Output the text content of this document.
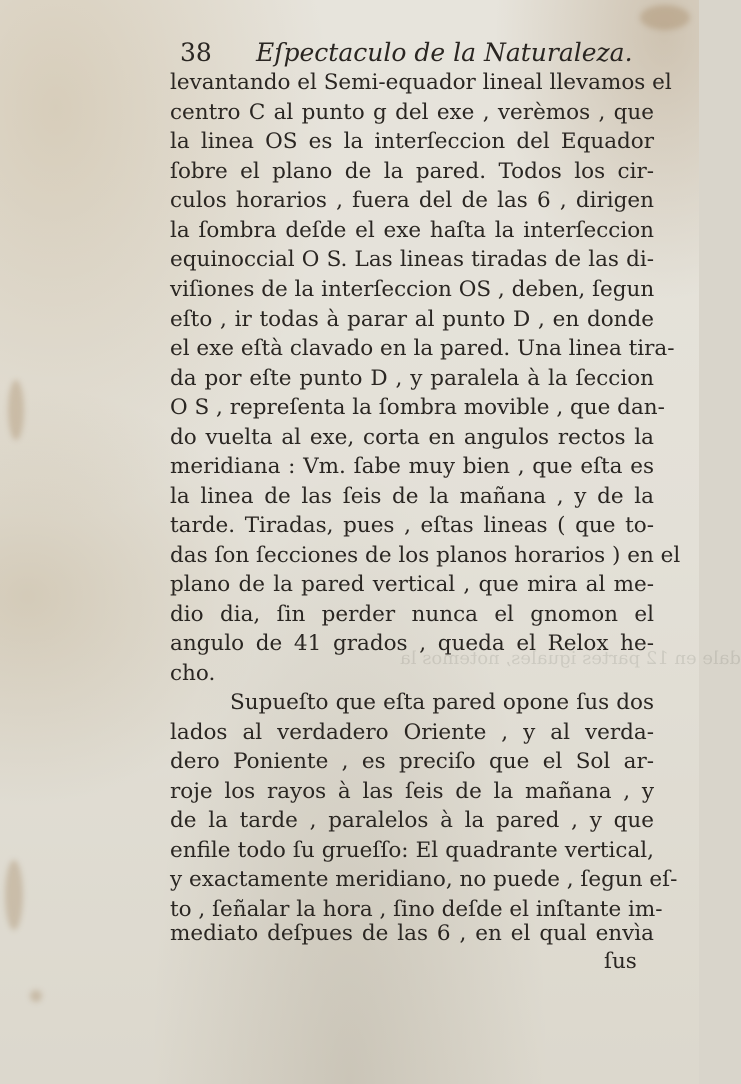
dale en 12 partes iguales, notemos la
38 Eſpectaculo de la Naturaleza.
levantando el Semi-equador lineal llevamos el
centro C al punto g del exe , verèmos , que
la linea OS es la interſeccion del Equador
ſobre el plano de la pared. Todos los cir-
culos horarios , fuera del de las 6 , dirigen
la ſombra deſde el exe haſta la interſeccion
equinoccial O S. Las lineas tiradas de las di-
viſiones de la interſeccion OS , deben, ſegun
eſto , ir todas à parar al punto D , en donde
el exe eſtà clavado en la pared. Una linea tira-
da por eſte punto D , y paralela à la ſeccion
O S , repreſenta la ſombra movible , que dan-
do vuelta al exe, corta en angulos rectos la
meridiana : Vm. ſabe muy bien , que eſta es
la linea de las ſeis de la mañana , y de la
tarde. Tiradas, pues , eſtas lineas ( que to-
das ſon ſecciones de los planos horarios ) en el
plano de la pared vertical , que mira al me-
dio dia, ſin perder nunca el gnomon el
angulo de 41 grados , queda el Relox he-
cho.
Supueſto que eſta pared opone ſus dos
lados al verdadero Oriente , y al verda-
dero Poniente , es preciſo que el Sol ar-
roje los rayos à las ſeis de la mañana , y
de la tarde , paralelos à la pared , y que
enfile todo ſu grueſſo: El quadrante vertical,
y exactamente meridiano, no puede , ſegun eſ-
to , ſeñalar la hora , ſino deſde el inſtante im-
mediato deſpues de las 6 , en el qual envìa
ſus
